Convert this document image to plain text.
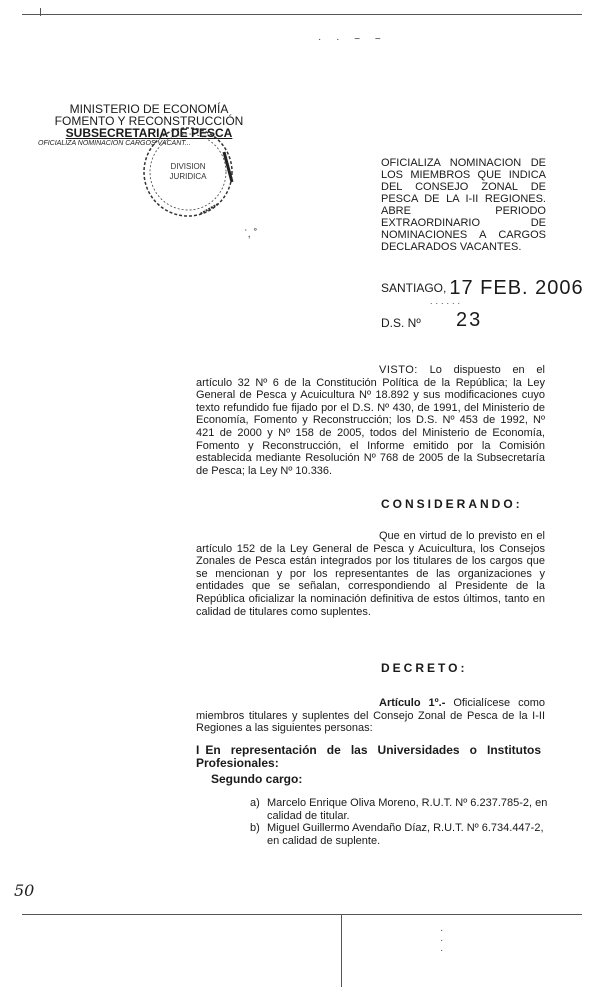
· · − −
MINISTERIO DE ECONOMÍA
FOMENTO Y RECONSTRUCCIÓN
SUBSECRETARIA DE PESCA
OFICIALIZA NOMINACION CARGOS VACANT...
DIVISION
JURIDICA
ʿ, ˚
OFICIALIZA NOMINACION DE LOS MIEMBROS QUE INDICA DEL CONSEJO ZONAL DE PESCA DE LA I-II REGIONES. ABRE PERIODO EXTRAORDINARIO DE NOMINACIONES A CARGOS DECLARADOS VACANTES.
SANTIAGO, 17 FEB. 2006
......
D.S. Nº 23
VISTO: Lo dispuesto en el artículo 32 Nº 6 de la Constitución Política de la República; la Ley General de Pesca y Acuicultura Nº 18.892 y sus modificaciones cuyo texto refundido fue fijado por el D.S. Nº 430, de 1991, del Ministerio de Economía, Fomento y Reconstrucción; los D.S. Nº 453 de 1992, Nº 421 de 2000 y Nº 158 de 2005, todos del Ministerio de Economía, Fomento y Reconstrucción, el Informe emitido por la Comisión establecida mediante Resolución Nº 768 de 2005 de la Subsecretaría de Pesca; la Ley Nº 10.336.
CONSIDERANDO:
Que en virtud de lo previsto en el artículo 152 de la Ley General de Pesca y Acuicultura, los Consejos Zonales de Pesca están integrados por los titulares de los cargos que se mencionan y por los representantes de las organizaciones y entidades que se señalan, correspondiendo al Presidente de la República oficializar la nominación definitiva de estos últimos, tanto en calidad de titulares como suplentes.
DECRETO:
Artículo 1º.- Oficialícese como miembros titulares y suplentes del Consejo Zonal de Pesca de la I-II Regiones a las siguientes personas:
I En representación de las Universidades o Institutos Profesionales:
Segundo cargo:
a) Marcelo Enrique Oliva Moreno, R.U.T. Nº 6.237.785-2, en calidad de titular.
b) Miguel Guillermo Avendaño Díaz, R.U.T. Nº 6.734.447-2, en calidad de suplente.
50
·
·
·
